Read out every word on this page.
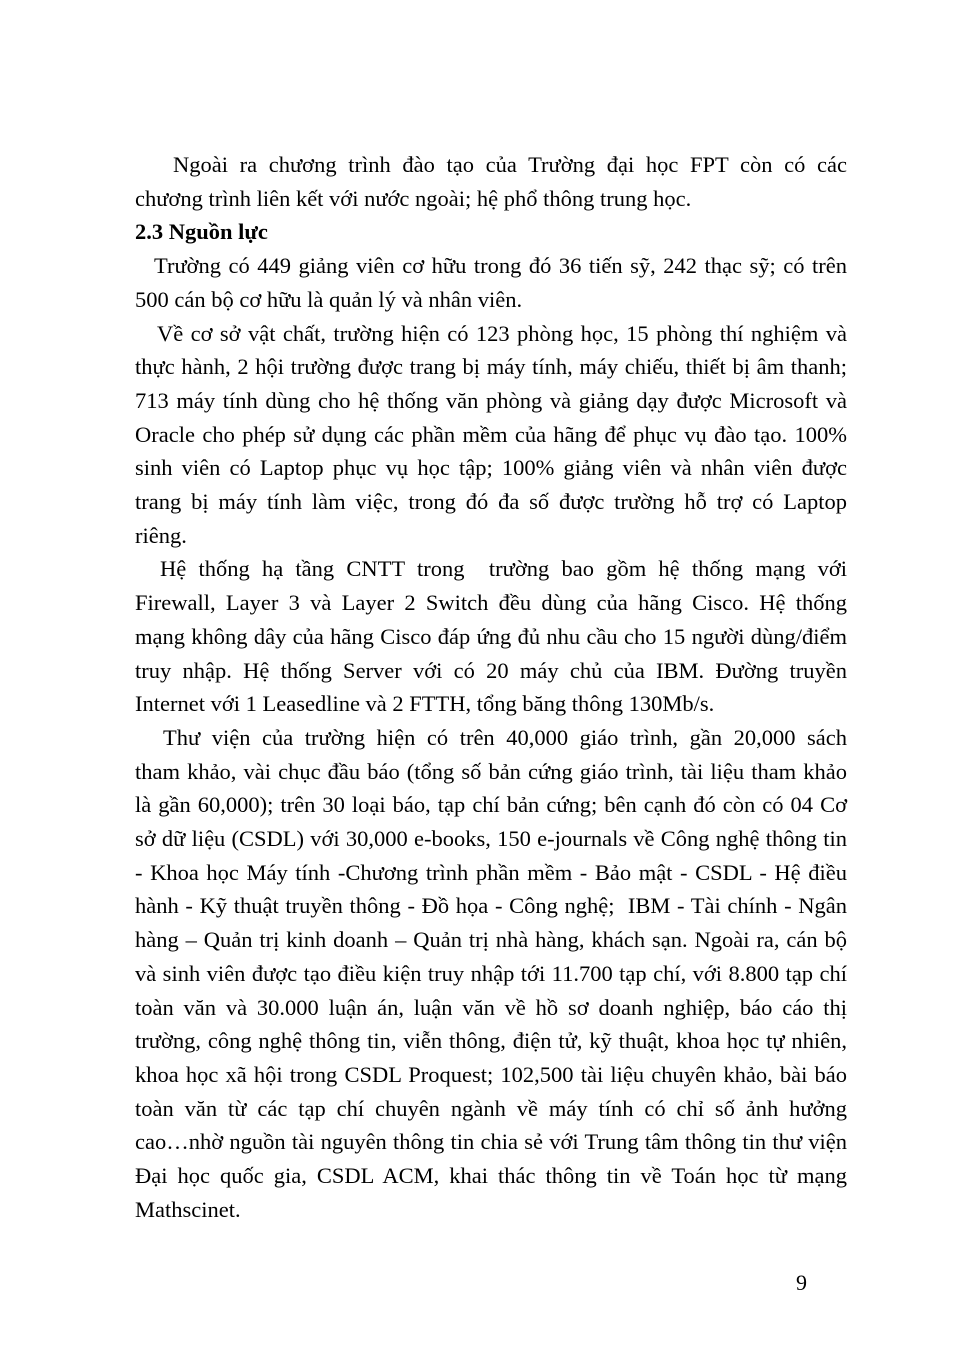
Ngoài ra chương trình đào tạo của Trường đại học FPT còn có các
chương trình liên kết với nước ngoài; hệ phổ thông trung học.
2.3 Nguồn lực
Trường có 449 giảng viên cơ hữu trong đó 36 tiến sỹ, 242 thạc sỹ; có trên
500 cán bộ cơ hữu là quản lý và nhân viên.
Về cơ sở vật chất, trường hiện có 123 phòng học, 15 phòng thí nghiệm và
thực hành, 2 hội trường được trang bị máy tính, máy chiếu, thiết bị âm thanh;
713 máy tính dùng cho hệ thống văn phòng và giảng dạy được Microsoft và
Oracle cho phép sử dụng các phần mềm của hãng để phục vụ đào tạo. 100%
sinh viên có Laptop phục vụ học tập; 100% giảng viên và nhân viên được
trang bị máy tính làm việc, trong đó đa số được trường hỗ trợ có Laptop
riêng.
Hệ thống hạ tầng CNTT trong  trường bao gồm hệ thống mạng với
Firewall, Layer 3 và Layer 2 Switch đều dùng của hãng Cisco. Hệ thống
mạng không dây của hãng Cisco đáp ứng đủ nhu cầu cho 15 người dùng/điểm
truy nhập. Hệ thống Server với có 20 máy chủ của IBM. Đường truyền
Internet với 1 Leasedline và 2 FTTH, tổng băng thông 130Mb/s.
Thư viện của trường hiện có trên 40,000 giáo trình, gần 20,000 sách
tham khảo, vài chục đầu báo (tổng số bản cứng giáo trình, tài liệu tham khảo
là gần 60,000); trên 30 loại báo, tạp chí bản cứng; bên cạnh đó còn có 04 Cơ
sở dữ liệu (CSDL) với 30,000 e-books, 150 e-journals về Công nghệ thông tin
- Khoa học Máy tính -Chương trình phần mềm - Bảo mật - CSDL - Hệ điều
hành - Kỹ thuật truyền thông - Đồ họa - Công nghệ;  IBM - Tài chính - Ngân
hàng – Quản trị kinh doanh – Quản trị nhà hàng, khách sạn. Ngoài ra, cán bộ
và sinh viên được tạo điều kiện truy nhập tới 11.700 tạp chí, với 8.800 tạp chí
toàn văn và 30.000 luận án, luận văn về hồ sơ doanh nghiệp, báo cáo thị
trường, công nghệ thông tin, viễn thông, điện tử, kỹ thuật, khoa học tự nhiên,
khoa học xã hội trong CSDL Proquest; 102,500 tài liệu chuyên khảo, bài báo
toàn văn từ các tạp chí chuyên ngành về máy tính có chỉ số ảnh hưởng
cao…nhờ nguồn tài nguyên thông tin chia sẻ với Trung tâm thông tin thư viện
Đại học quốc gia, CSDL ACM, khai thác thông tin về Toán học từ mạng
Mathscinet.
9
